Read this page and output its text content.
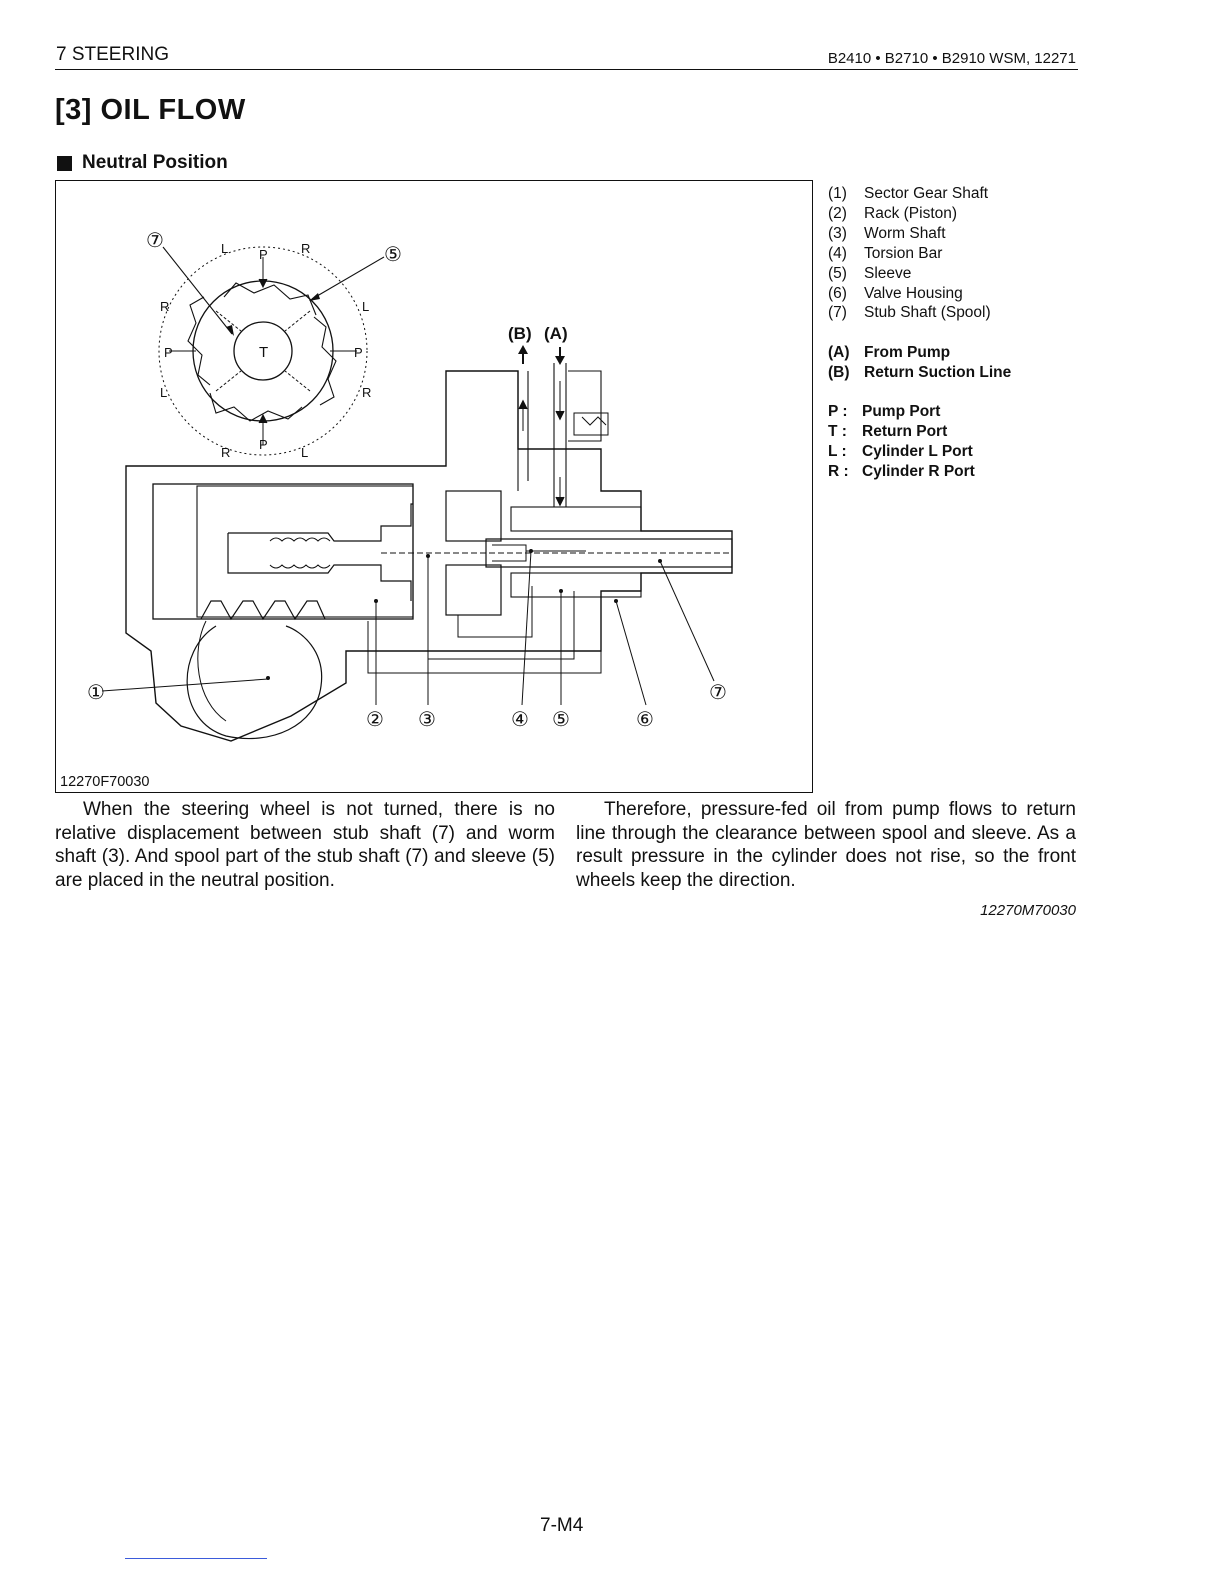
7 STEERING	B2410 • B2710 • B2910 WSM, 12271
[3] OIL FLOW
Neutral Position
L P	R
R	L
P	T	P
L	R
R
P
L
(B) (A)
⑦
⑤
①
② ③	④ ⑤	⑥
⑦
12270F70030
(1)	Sector Gear Shaft
(2)	Rack (Piston)
(3)	Worm Shaft
(4)	Torsion Bar
(5)	Sleeve
(6)	Valve Housing
(7)	Stub Shaft (Spool)
(A) From Pump
(B) Return Suction Line
P : Pump Port
T : Return Port
L : Cylinder L Port
R : Cylinder R Port

When the steering wheel is not turned, there is no relative displacement between stub shaft (7) and worm shaft (3). And spool part of the stub shaft (7) and sleeve (5) are placed in the neutral position.

Therefore, pressure-fed oil from pump flows to return line through the clearance between spool and sleeve. As a result pressure in the cylinder does not rise, so the front wheels keep the direction.

12270M70030
7-M4
